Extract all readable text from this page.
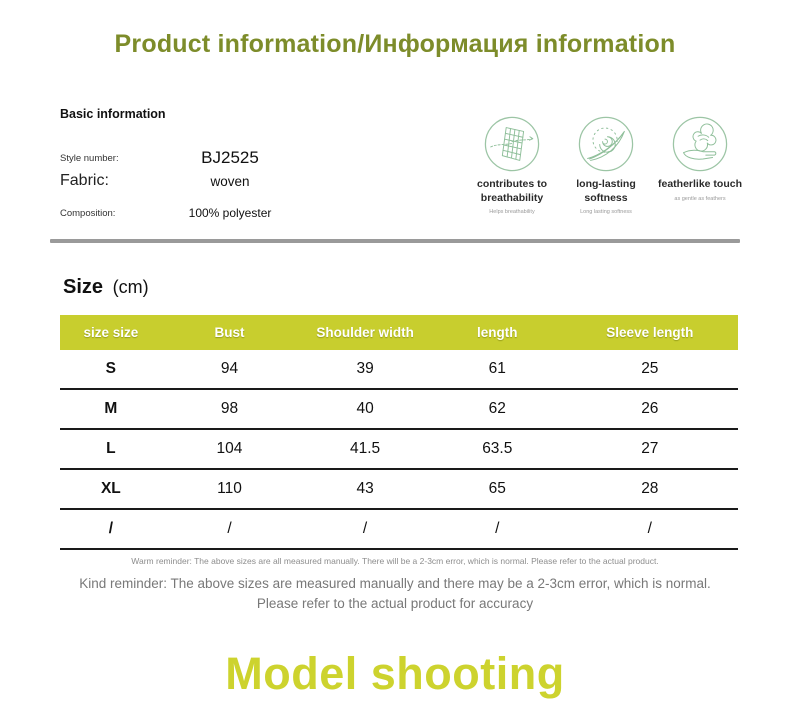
Product information/Информация information
Basic information
Style number:	BJ2525
Fabric:	woven
Composition:	100% polyester
contributes to breathability
Helps breathability
long-lasting softness
Long lasting softness
featherlike touch
as gentle as feathers
Size (cm)
size size	Bust	Shoulder width	length	Sleeve length
S	94	39	61	25
M	98	40	62	26
L	104	41.5	63.5	27
XL	110	43	65	28
/	/	/	/	/
Warm reminder: The above sizes are all measured manually. There will be a 2-3cm error, which is normal. Please refer to the actual product.
Kind reminder: The above sizes are measured manually and there may be a 2-3cm error, which is normal.
Please refer to the actual product for accuracy
Model shooting
